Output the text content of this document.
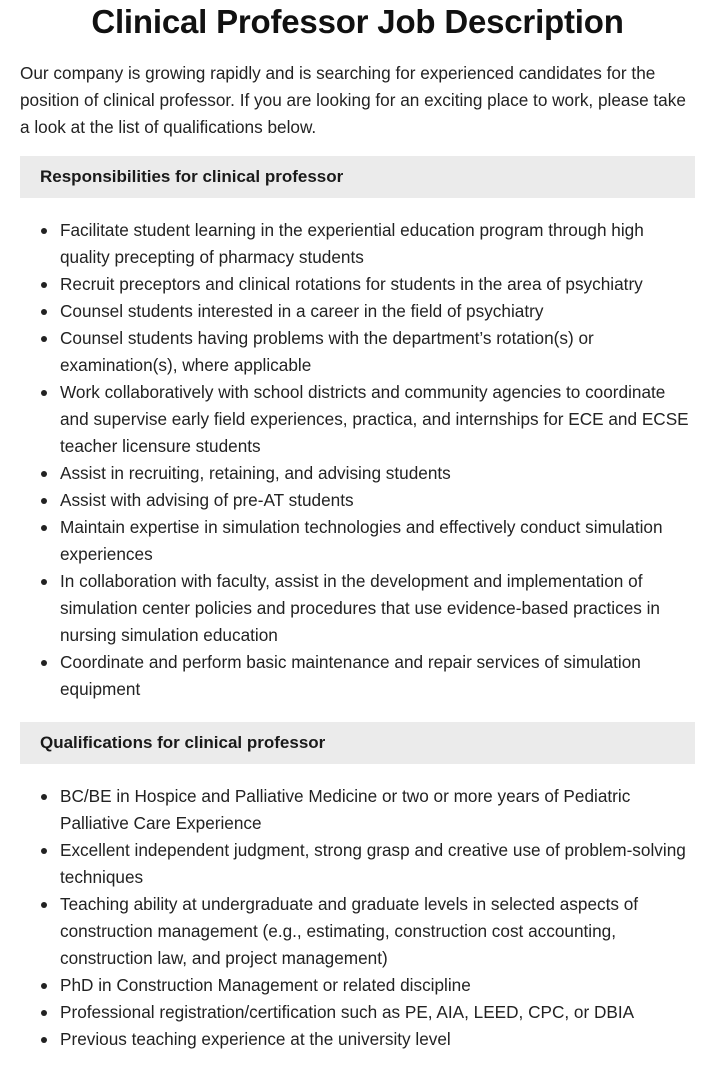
Clinical Professor Job Description

Our company is growing rapidly and is searching for experienced candidates for the position of clinical professor. If you are looking for an exciting place to work, please take a look at the list of qualifications below.

Responsibilities for clinical professor
Facilitate student learning in the experiential education program through high quality precepting of pharmacy students
Recruit preceptors and clinical rotations for students in the area of psychiatry
Counsel students interested in a career in the field of psychiatry
Counsel students having problems with the department’s rotation(s) or examination(s), where applicable
Work collaboratively with school districts and community agencies to coordinate and supervise early field experiences, practica, and internships for ECE and ECSE teacher licensure students
Assist in recruiting, retaining, and advising students
Assist with advising of pre-AT students
Maintain expertise in simulation technologies and effectively conduct simulation experiences
In collaboration with faculty, assist in the development and implementation of simulation center policies and procedures that use evidence-based practices in nursing simulation education
Coordinate and perform basic maintenance and repair services of simulation equipment
Qualifications for clinical professor
BC/BE in Hospice and Palliative Medicine or two or more years of Pediatric Palliative Care Experience
Excellent independent judgment, strong grasp and creative use of problem-solving techniques
Teaching ability at undergraduate and graduate levels in selected aspects of construction management (e.g., estimating, construction cost accounting, construction law, and project management)
PhD in Construction Management or related discipline
Professional registration/certification such as PE, AIA, LEED, CPC, or DBIA
Previous teaching experience at the university level
